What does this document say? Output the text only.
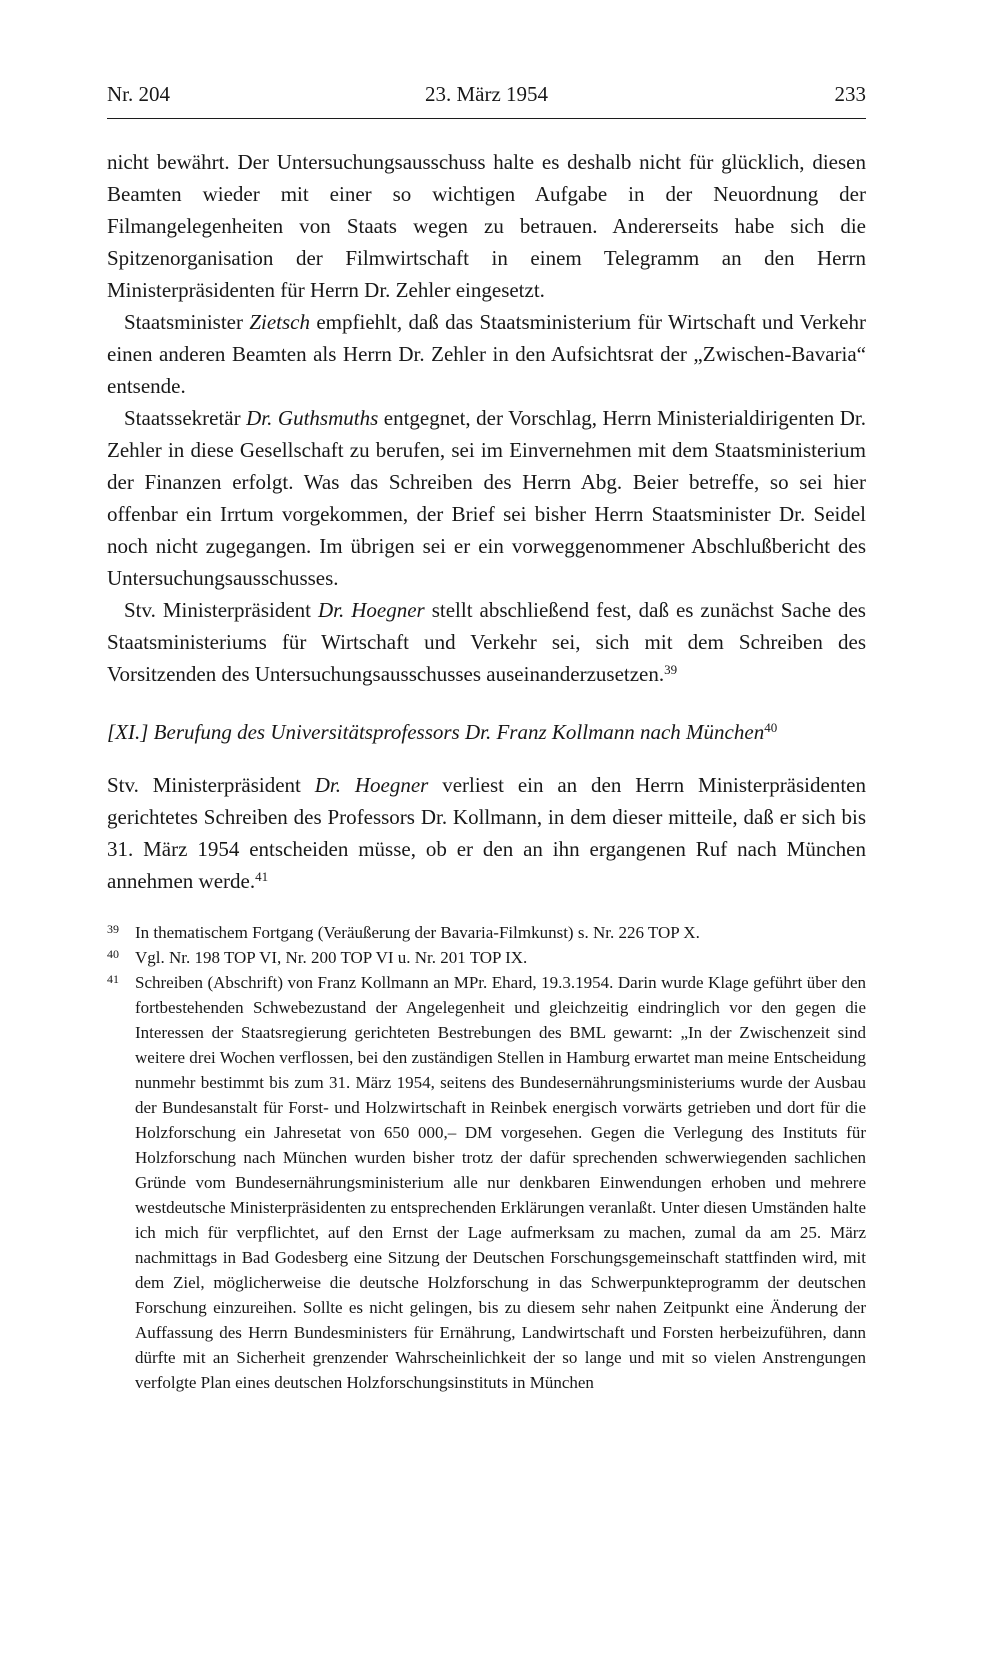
Nr. 204	23. März 1954	233

nicht bewährt. Der Untersuchungsausschuss halte es deshalb nicht für glücklich, diesen Beamten wieder mit einer so wichtigen Aufgabe in der Neuordnung der Filmangelegenheiten von Staats wegen zu betrauen. Andererseits habe sich die Spitzenorganisation der Filmwirtschaft in einem Telegramm an den Herrn Ministerpräsidenten für Herrn Dr. Zehler eingesetzt.

Staatsminister Zietsch empfiehlt, daß das Staatsministerium für Wirtschaft und Verkehr einen anderen Beamten als Herrn Dr. Zehler in den Aufsichtsrat der „Zwischen-Bavaria“ entsende.

Staatssekretär Dr. Guthsmuths entgegnet, der Vorschlag, Herrn Ministerialdirigenten Dr. Zehler in diese Gesellschaft zu berufen, sei im Einvernehmen mit dem Staatsministerium der Finanzen erfolgt. Was das Schreiben des Herrn Abg. Beier betreffe, so sei hier offenbar ein Irrtum vorgekommen, der Brief sei bisher Herrn Staatsminister Dr. Seidel noch nicht zugegangen. Im übrigen sei er ein vorweggenommener Abschlußbericht des Untersuchungsausschusses.

Stv. Ministerpräsident Dr. Hoegner stellt abschließend fest, daß es zunächst Sache des Staatsministeriums für Wirtschaft und Verkehr sei, sich mit dem Schreiben des Vorsitzenden des Untersuchungsausschusses auseinanderzusetzen.$^{39}$

[XI.] Berufung des Universitätsprofessors Dr. Franz Kollmann nach München$^{40}$

Stv. Ministerpräsident Dr. Hoegner verliest ein an den Herrn Ministerpräsidenten gerichtetes Schreiben des Professors Dr. Kollmann, in dem dieser mitteile, daß er sich bis 31. März 1954 entscheiden müsse, ob er den an ihn ergangenen Ruf nach München annehmen werde.$^{41}$

39 In thematischem Fortgang (Veräußerung der Bavaria-Filmkunst) s. Nr. 226 TOP X.
40 Vgl. Nr. 198 TOP VI, Nr. 200 TOP VI u. Nr. 201 TOP IX.
41 Schreiben (Abschrift) von Franz Kollmann an MPr. Ehard, 19.3.1954. Darin wurde Klage geführt über den fortbestehenden Schwebezustand der Angelegenheit und gleichzeitig eindringlich vor den gegen die Interessen der Staatsregierung gerichteten Bestrebungen des BML gewarnt: „In der Zwischenzeit sind weitere drei Wochen verflossen, bei den zuständigen Stellen in Hamburg erwartet man meine Entscheidung nunmehr bestimmt bis zum 31. März 1954, seitens des Bundesernährungsministeriums wurde der Ausbau der Bundesanstalt für Forst- und Holzwirtschaft in Reinbek energisch vorwärts getrieben und dort für die Holzforschung ein Jahresetat von 650 000,– DM vorgesehen. Gegen die Verlegung des Instituts für Holzforschung nach München wurden bisher trotz der dafür sprechenden schwerwiegenden sachlichen Gründe vom Bundesernährungsministerium alle nur denkbaren Einwendungen erhoben und mehrere westdeutsche Ministerpräsidenten zu entsprechenden Erklärungen veranlaßt. Unter diesen Umständen halte ich mich für verpflichtet, auf den Ernst der Lage aufmerksam zu machen, zumal da am 25. März nachmittags in Bad Godesberg eine Sitzung der Deutschen Forschungsgemeinschaft stattfinden wird, mit dem Ziel, möglicherweise die deutsche Holzforschung in das Schwerpunkteprogramm der deutschen Forschung einzureihen. Sollte es nicht gelingen, bis zu diesem sehr nahen Zeitpunkt eine Änderung der Auffassung des Herrn Bundesministers für Ernährung, Landwirtschaft und Forsten herbeizuführen, dann dürfte mit an Sicherheit grenzender Wahrscheinlichkeit der so lange und mit so vielen Anstrengungen verfolgte Plan eines deutschen Holzforschungsinstituts in München
